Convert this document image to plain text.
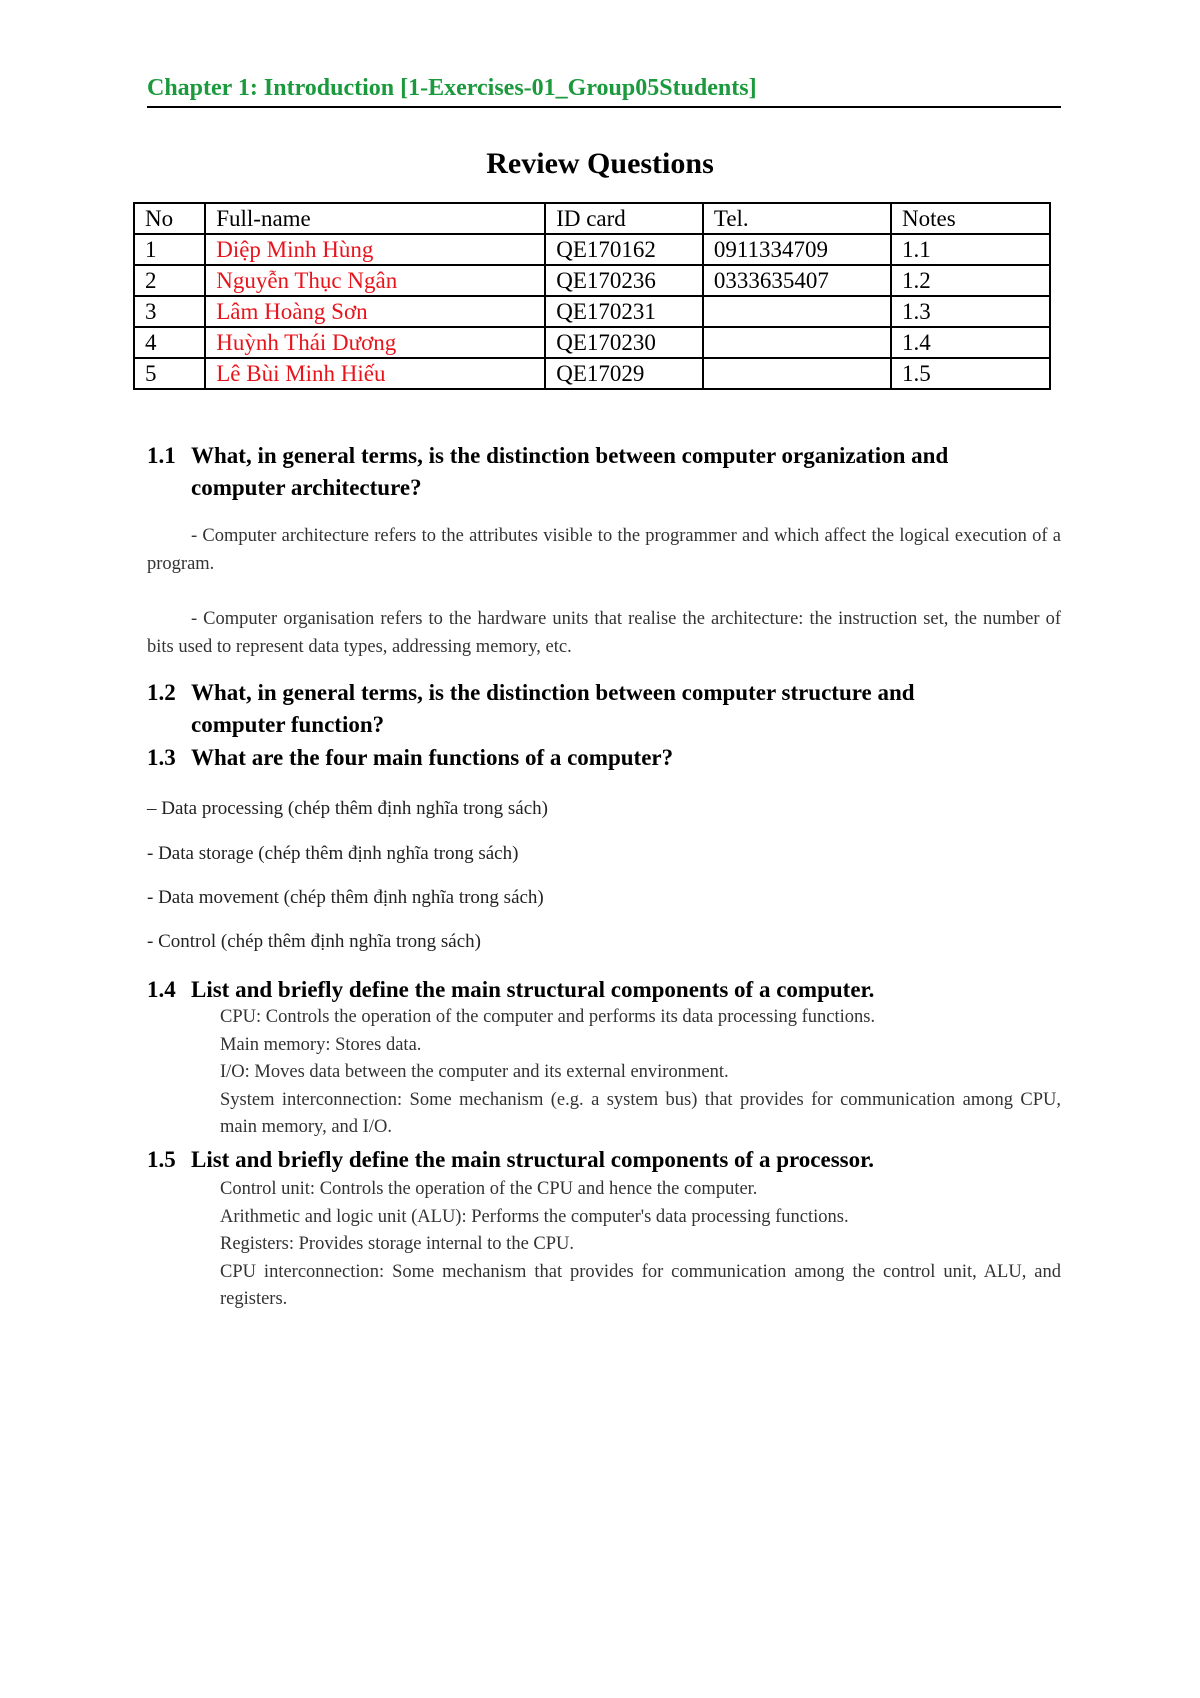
Chapter 1: Introduction [1-Exercises-01_Group05Students]
Review Questions
No	Full-name	ID card	Tel.	Notes
1	Diệp Minh Hùng	QE170162	0911334709	1.1
2	Nguyễn Thục Ngân	QE170236	0333635407	1.2
3	Lâm Hoàng Sơn	QE170231		1.3
4	Huỳnh Thái Dương	QE170230		1.4
5	Lê Bùi Minh Hiếu	QE17029		1.5
1.1 What, in general terms, is the distinction between computer organization and
computer architecture?
- Computer architecture refers to the attributes visible to the programmer and which affect the logical execution of a program.
- Computer organisation refers to the hardware units that realise the architecture: the instruction set, the number of bits used to represent data types, addressing memory, etc.
1.2 What, in general terms, is the distinction between computer structure and
computer function?
1.3 What are the four main functions of a computer?
– Data processing (chép thêm định nghĩa trong sách)
- Data storage (chép thêm định nghĩa trong sách)
- Data movement (chép thêm định nghĩa trong sách)
- Control (chép thêm định nghĩa trong sách)
1.4 List and briefly define the main structural components of a computer.
CPU: Controls the operation of the computer and performs its data processing functions.
Main memory: Stores data.
I/O: Moves data between the computer and its external environment.
System interconnection: Some mechanism (e.g. a system bus) that provides for communication among CPU, main memory, and I/O.
1.5 List and briefly define the main structural components of a processor.
Control unit: Controls the operation of the CPU and hence the computer.
Arithmetic and logic unit (ALU): Performs the computer's data processing functions.
Registers: Provides storage internal to the CPU.
CPU interconnection: Some mechanism that provides for communication among the control unit, ALU, and registers.
